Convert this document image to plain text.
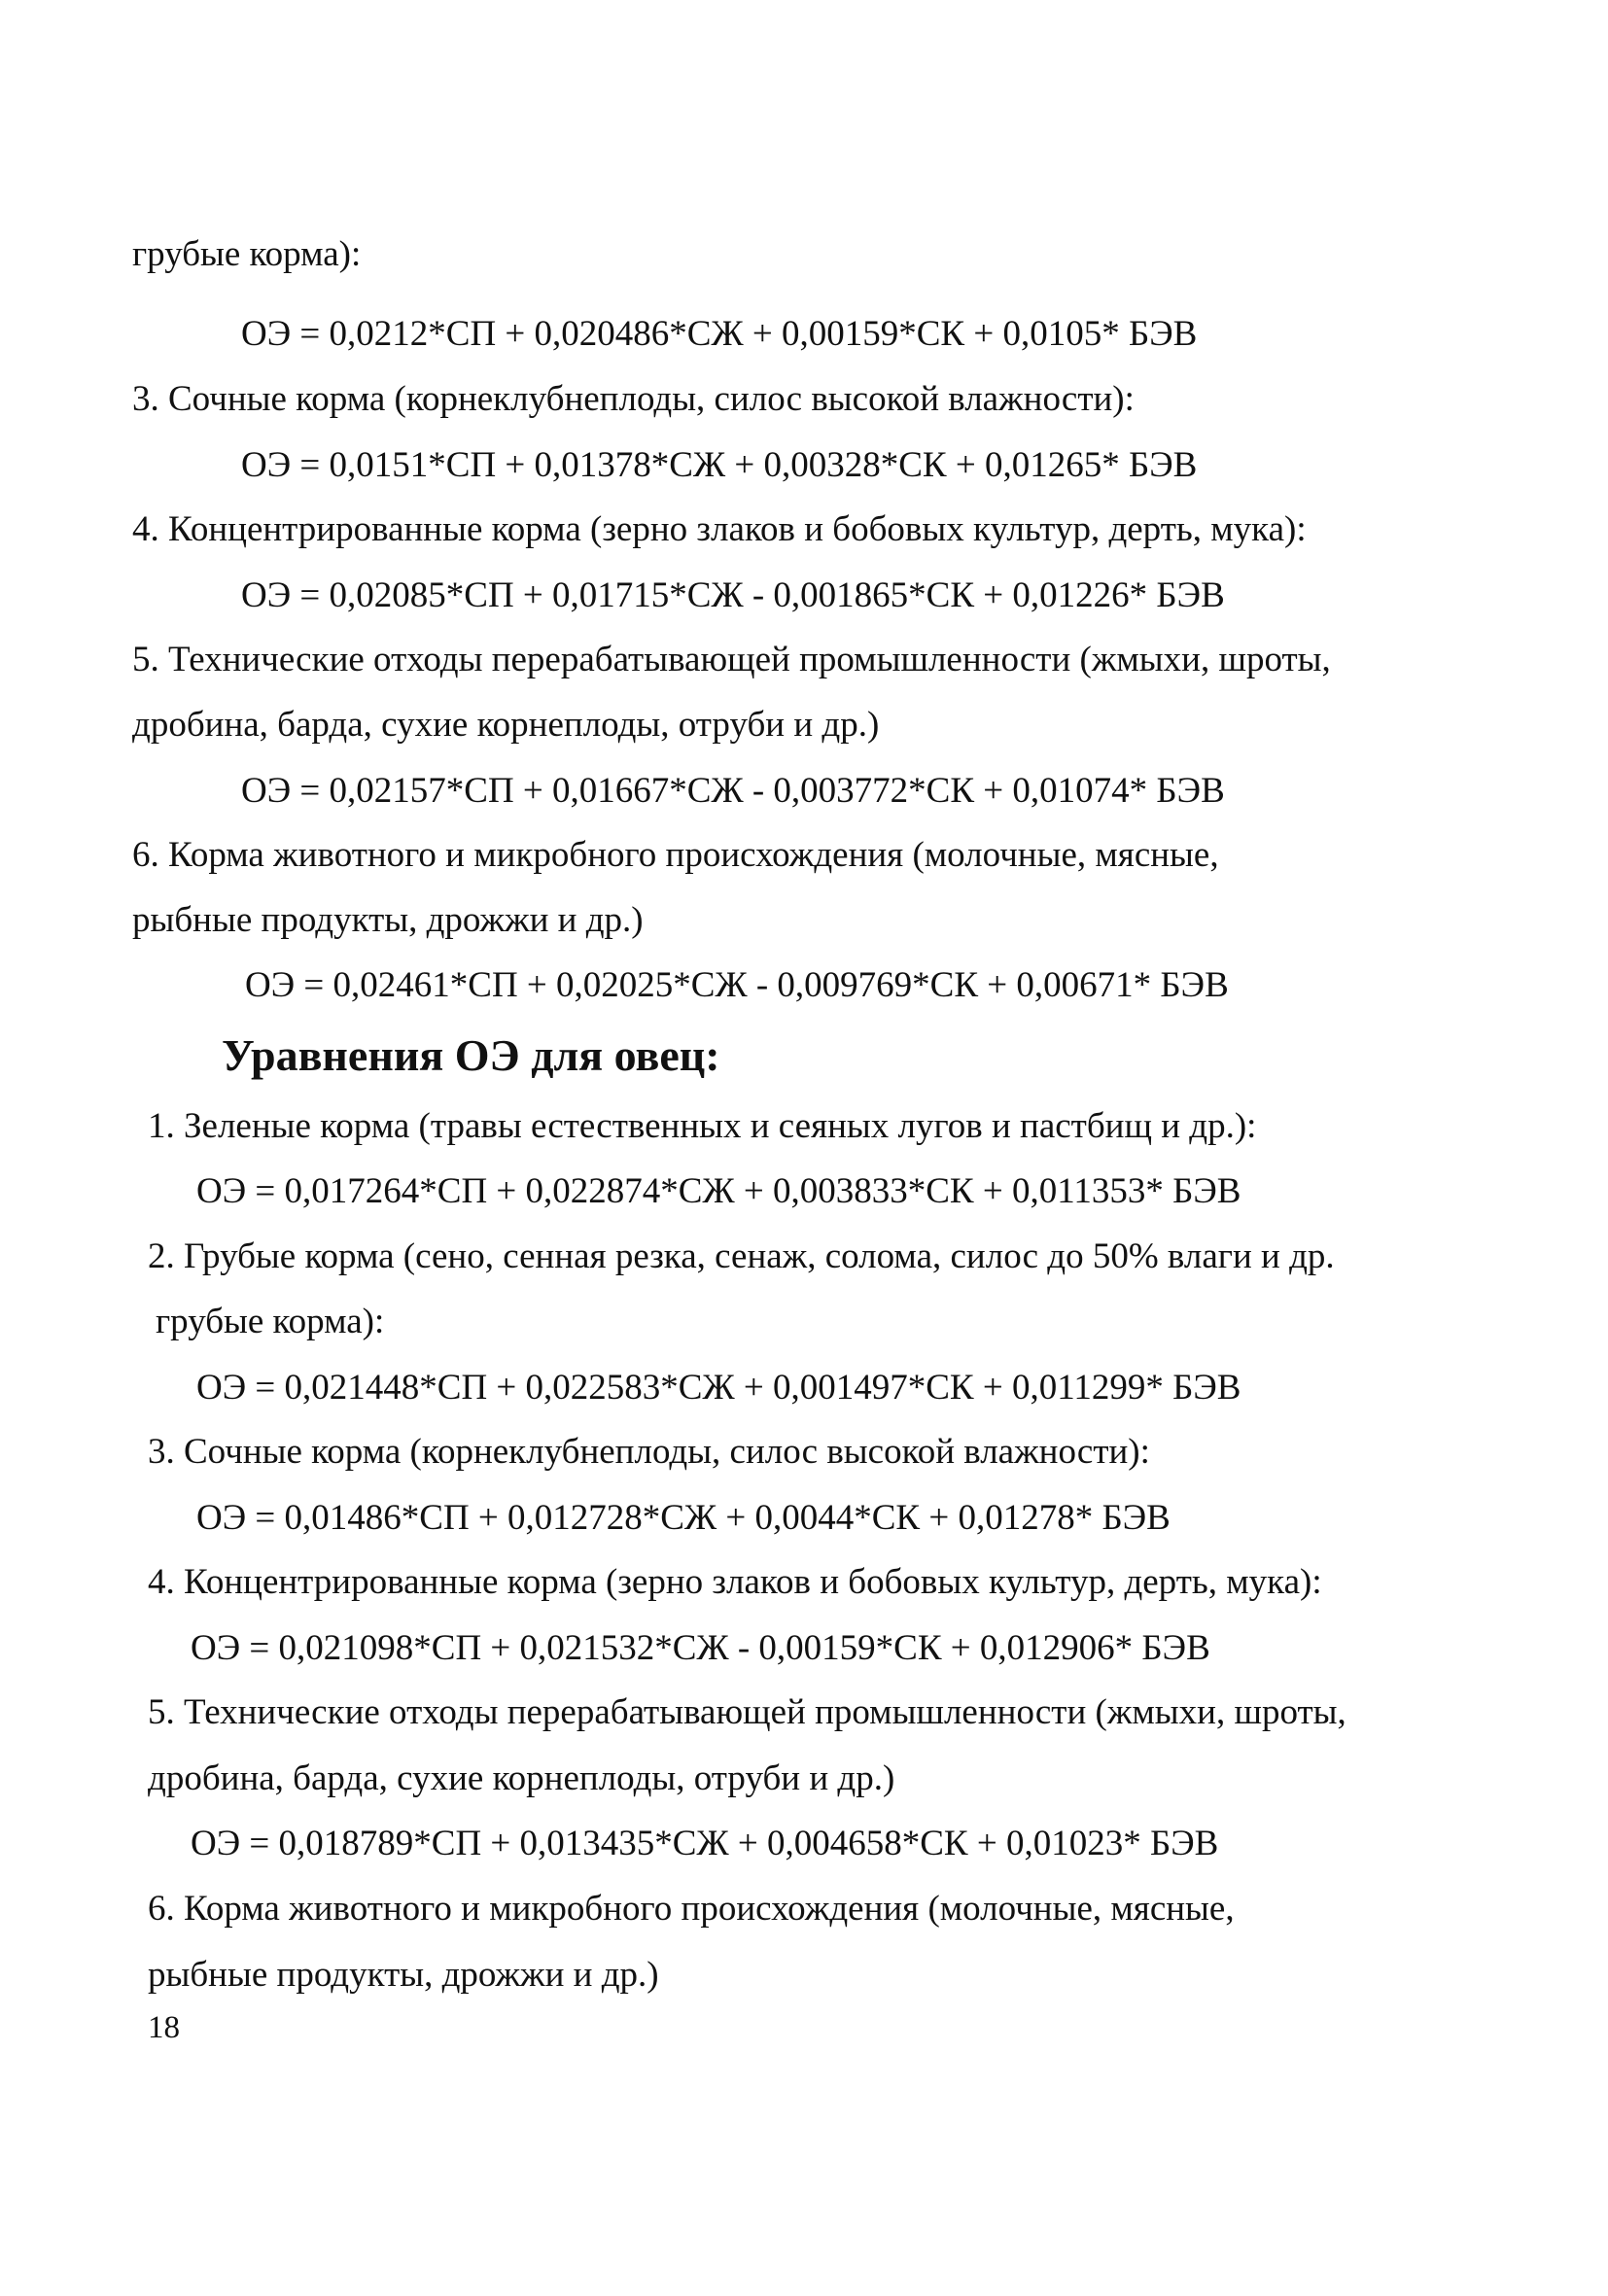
грубые корма):

ОЭ = 0,0212*СП + 0,020486*СЖ + 0,00159*СК + 0,0105* БЭВ

3. Сочные корма (корнеклубнеплоды, силос высокой влажности):

ОЭ = 0,0151*СП + 0,01378*СЖ + 0,00328*СК + 0,01265* БЭВ

4. Концентрированные корма (зерно злаков и бобовых культур, дерть, мука):

ОЭ = 0,02085*СП + 0,01715*СЖ - 0,001865*СК + 0,01226* БЭВ

5. Технические отходы перерабатывающей промышленности (жмыхи, шроты,

дробина, барда, сухие корнеплоды, отруби и др.)

ОЭ = 0,02157*СП + 0,01667*СЖ - 0,003772*СК + 0,01074* БЭВ

6. Корма животного и микробного происхождения (молочные, мясные,

рыбные продукты, дрожжи и др.)

ОЭ = 0,02461*СП + 0,02025*СЖ - 0,009769*СК + 0,00671* БЭВ

Уравнения ОЭ для овец:

1. Зеленые корма (травы естественных и сеяных лугов и пастбищ и др.):

ОЭ = 0,017264*СП + 0,022874*СЖ + 0,003833*СК + 0,011353* БЭВ

2. Грубые корма (сено, сенная резка, сенаж, солома, силос до 50% влаги и др.

грубые корма):

ОЭ = 0,021448*СП + 0,022583*СЖ + 0,001497*СК + 0,011299* БЭВ

3. Сочные корма (корнеклубнеплоды, силос высокой влажности):

ОЭ = 0,01486*СП + 0,012728*СЖ + 0,0044*СК + 0,01278* БЭВ

4. Концентрированные корма (зерно злаков и бобовых культур, дерть, мука):

ОЭ = 0,021098*СП + 0,021532*СЖ - 0,00159*СК + 0,012906* БЭВ

5. Технические отходы перерабатывающей промышленности (жмыхи, шроты,

дробина, барда, сухие корнеплоды, отруби и др.)

ОЭ = 0,018789*СП + 0,013435*СЖ + 0,004658*СК + 0,01023* БЭВ

6. Корма животного и микробного происхождения (молочные, мясные,

рыбные продукты, дрожжи и др.)

18
